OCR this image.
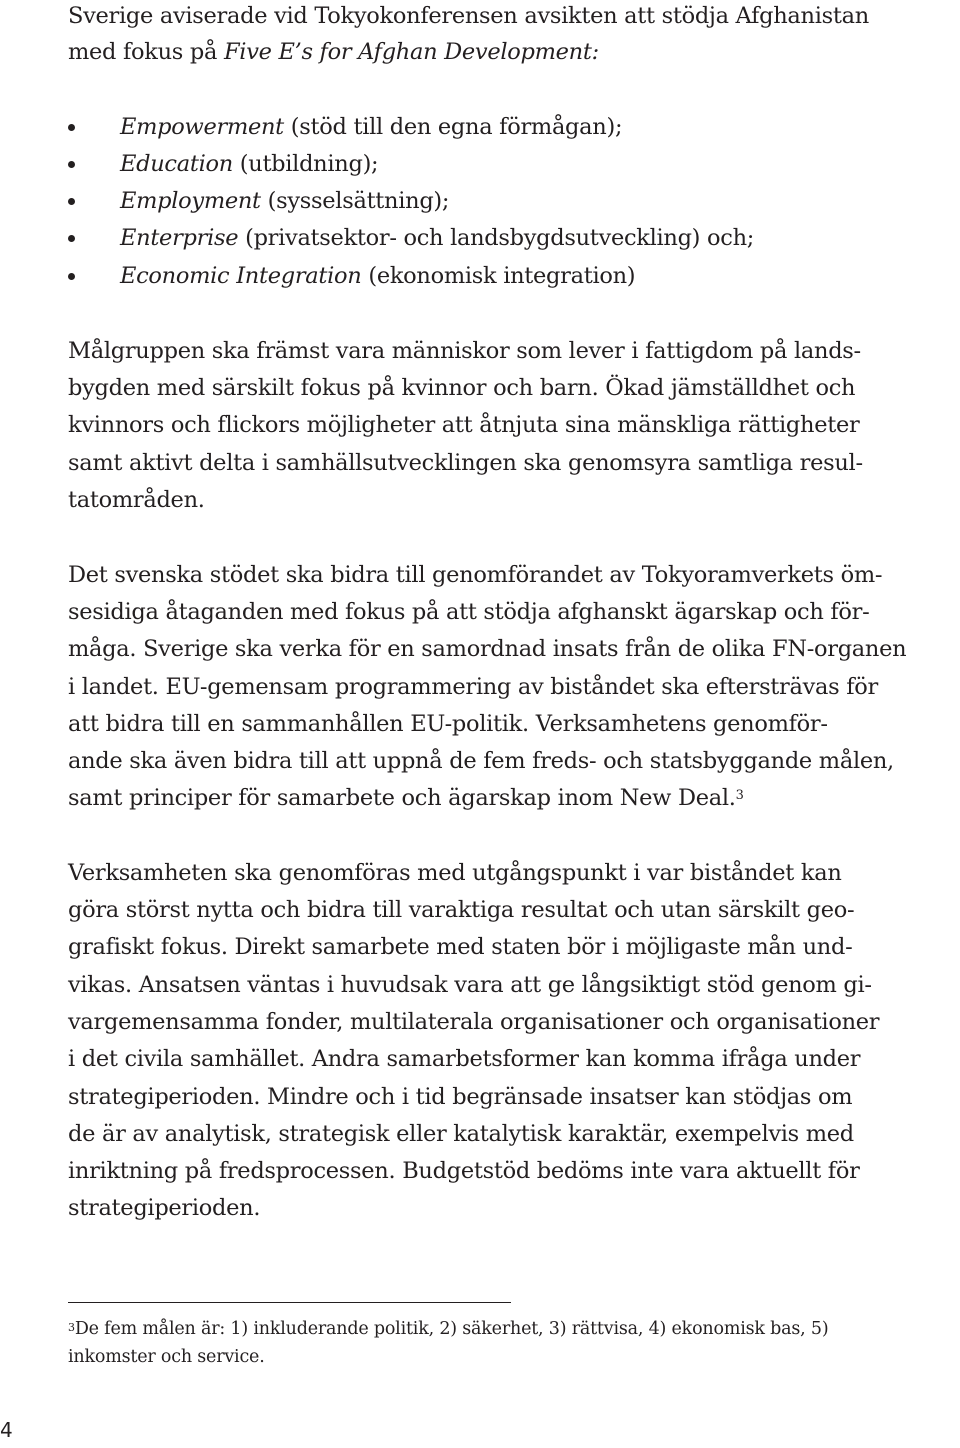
Sverige aviserade vid Tokyokonferensen avsikten att stödja Afghanistan
med fokus på Five E’s for Afghan Development:
Empowerment (stöd till den egna förmågan);
Education (utbildning);
Employment (sysselsättning);
Enterprise (privatsektor- och landsbygdsutveckling) och;
Economic Integration (ekonomisk integration)
Målgruppen ska främst vara människor som lever i fattigdom på lands-
bygden med särskilt fokus på kvinnor och barn. Ökad jämställdhet och
kvinnors och flickors möjligheter att åtnjuta sina mänskliga rättigheter
samt aktivt delta i samhällsutvecklingen ska genomsyra samtliga resul-
tatområden.
Det svenska stödet ska bidra till genomförandet av Tokyoramverkets öm-
sesidiga åtaganden med fokus på att stödja afghanskt ägarskap och för-
måga. Sverige ska verka för en samordnad insats från de olika FN-organen
i landet. EU-gemensam programmering av biståndet ska eftersträvas för
att bidra till en sammanhållen EU-politik. Verksamhetens genomför-
ande ska även bidra till att uppnå de fem freds- och statsbyggande målen,
samt principer för samarbete och ägarskap inom New Deal.$^3$
Verksamheten ska genomföras med utgångspunkt i var biståndet kan
göra störst nytta och bidra till varaktiga resultat och utan särskilt geo-
grafiskt fokus. Direkt samarbete med staten bör i möjligaste mån und-
vikas. Ansatsen väntas i huvudsak vara att ge långsiktigt stöd genom gi-
vargemensamma fonder, multilaterala organisationer och organisationer
i det civila samhället. Andra samarbetsformer kan komma ifråga under
strategiperioden. Mindre och i tid begränsade insatser kan stödjas om
de är av analytisk, strategisk eller katalytisk karaktär, exempelvis med
inriktning på fredsprocessen. Budgetstöd bedöms inte vara aktuellt för
strategiperioden.
$^3$De fem målen är: 1) inkluderande politik, 2) säkerhet, 3) rättvisa, 4) ekonomisk bas, 5)
inkomster och service.
4
